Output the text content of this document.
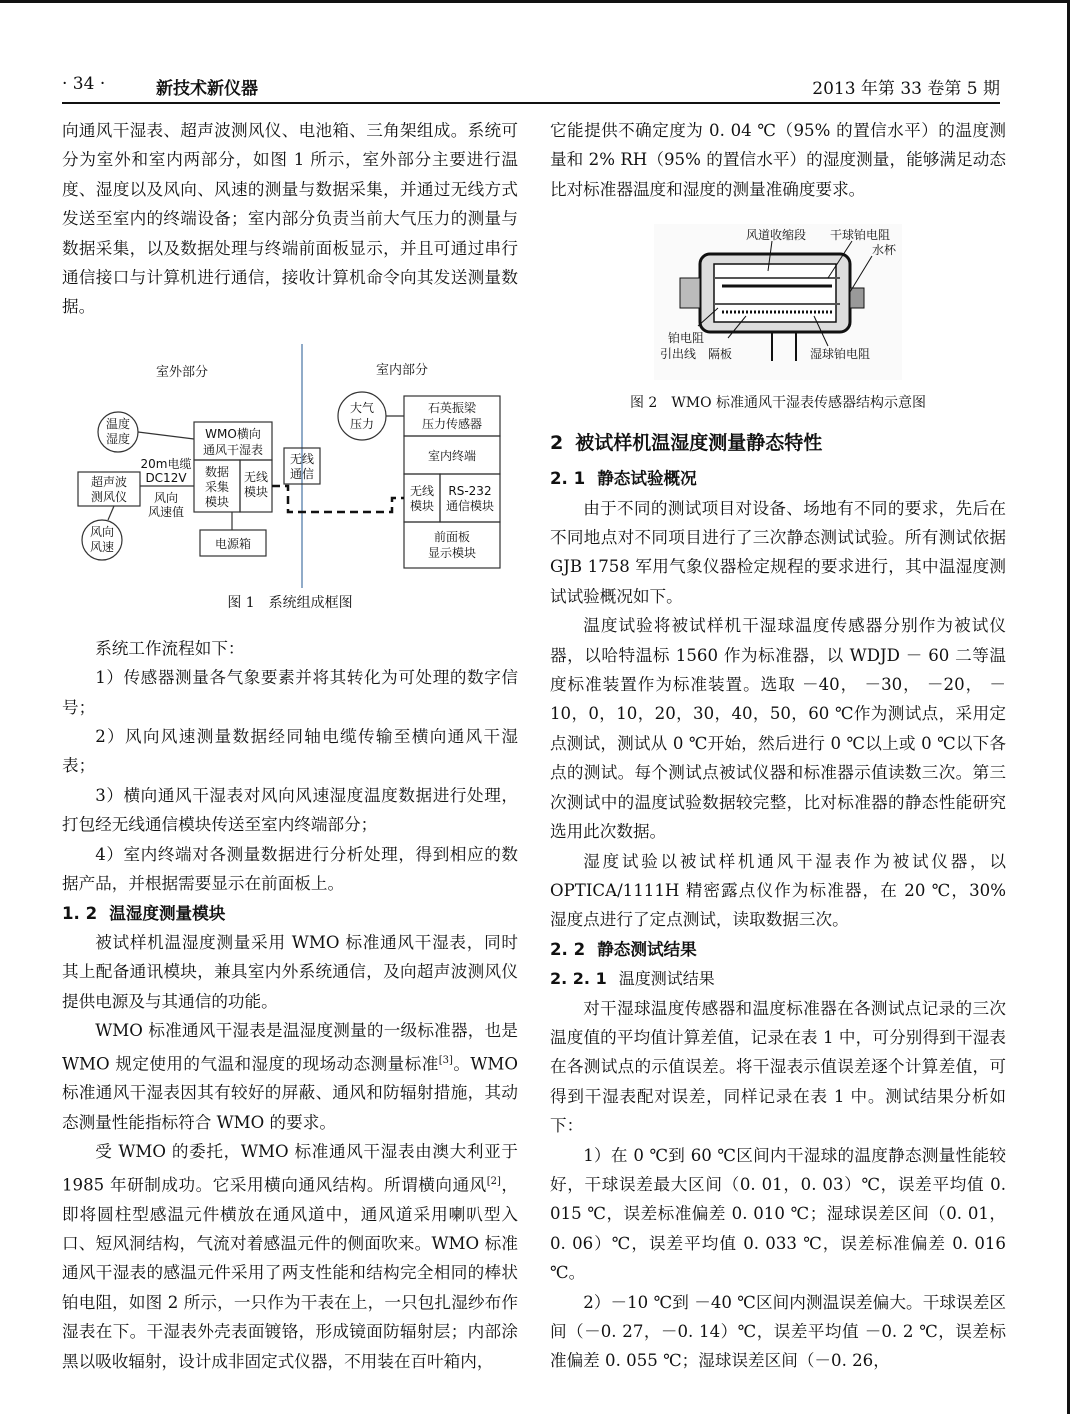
· 34 ·	新技术新仪器	2013 年第 33 卷第 5 期

向通风干湿表、超声波测风仪、电池箱、三角架组成。系统可分为室外和室内两部分，如图 1 所示，室外部分主要进行温度、湿度以及风向、风速的测量与数据采集，并通过无线方式发送至室内的终端设备；室内部分负责当前大气压力的测量与数据采集，以及数据处理与终端前面板显示，并且可通过串行通信接口与计算机进行通信，接收计算机命令向其发送测量数据。

室外部分	室内部分
温度
湿度
超声波
测风仪
风向
风速
WMO横向
通风干湿表
数据
采集
模块
无线
模块
20m电缆
DC12V
风向
风速值
电源箱
无线
通信
大气
压力
石英振梁
压力传感器
室内终端
无线
模块
RS-232
通信模块
前面板
显示模块
图 1　系统组成框图

系统工作流程如下：

1）传感器测量各气象要素并将其转化为可处理的数字信号；

2）风向风速测量数据经同轴电缆传输至横向通风干湿表；

3）横向通风干湿表对风向风速湿度温度数据进行处理，打包经无线通信模块传送至室内终端部分；

4）室内终端对各测量数据进行分析处理，得到相应的数据产品，并根据需要显示在前面板上。

1. 2 温湿度测量模块

被试样机温湿度测量采用 WMO 标准通风干湿表，同时其上配备通讯模块，兼具室内外系统通信，及向超声波测风仪提供电源及与其通信的功能。

WMO 标准通风干湿表是温湿度测量的一级标准器，也是 WMO 规定使用的气温和湿度的现场动态测量标准[3]。WMO 标准通风干湿表因其有较好的屏蔽、通风和防辐射措施，其动态测量性能指标符合 WMO 的要求。

受 WMO 的委托，WMO 标准通风干湿表由澳大利亚于 1985 年研制成功。它采用横向通风结构。所谓横向通风[2]，即将圆柱型感温元件横放在通风道中，通风道采用喇叭型入口、短风洞结构，气流对着感温元件的侧面吹来。WMO 标准通风干湿表的感温元件采用了两支性能和结构完全相同的棒状铂电阻，如图 2 所示，一只作为干表在上，一只包扎湿纱布作湿表在下。干湿表外壳表面镀铬，形成镜面防辐射层；内部涂黑以吸收辐射，设计成非固定式仪器，不用装在百叶箱内，

它能提供不确定度为 0. 04 ℃（95% 的置信水平）的温度测量和 2% RH（95% 的置信水平）的湿度测量，能够满足动态比对标准器温度和湿度的测量准确度要求。

风道收缩段 干球铂电阻
水杯
铂电阻
引出线 隔板	湿球铂电阻
图 2　WMO 标准通风干湿表传感器结构示意图
2 被试样机温湿度测量静态特性
2. 1 静态试验概况

由于不同的测试项目对设备、场地有不同的要求，先后在不同地点对不同项目进行了三次静态测试试验。所有测试依据 GJB 1758 军用气象仪器检定规程的要求进行，其中温湿度测试试验概况如下。

温度试验将被试样机干湿球温度传感器分别作为被试仪器，以哈特温标 1560 作为标准器，以 WDJD － 60 二等温度标准装置作为标准装置。选取 －40， －30， －20， －10，0，10，20，30，40，50，60 ℃作为测试点，采用定点测试，测试从 0 ℃开始，然后进行 0 ℃以上或 0 ℃以下各点的测试。每个测试点被试仪器和标准器示值读数三次。第三次测试中的温度试验数据较完整，比对标准器的静态性能研究选用此次数据。

湿度试验以被试样机通风干湿表作为被试仪器，以 OPTICA/1111H 精密露点仪作为标准器，在 20 ℃，30% 湿度点进行了定点测试，读取数据三次。

2. 2 静态测试结果
2. 2. 1 温度测试结果

对干湿球温度传感器和温度标准器在各测试点记录的三次温度值的平均值计算差值，记录在表 1 中，可分别得到干湿表在各测试点的示值误差。将干湿表示值误差逐个计算差值，可得到干湿表配对误差，同样记录在表 1 中。测试结果分析如下：

1）在 0 ℃到 60 ℃区间内干湿球的温度静态测量性能较好，干球误差最大区间（0. 01，0. 03）℃，误差平均值 0. 015 ℃，误差标准偏差 0. 010 ℃；湿球误差区间（0. 01，0. 06）℃，误差平均值 0. 033 ℃，误差标准偏差 0. 016 ℃。

2）－10 ℃到 －40 ℃区间内测温误差偏大。干球误差区间（－0. 27，－0. 14）℃，误差平均值 －0. 2 ℃，误差标准偏差 0. 055 ℃；湿球误差区间（－0. 26，
